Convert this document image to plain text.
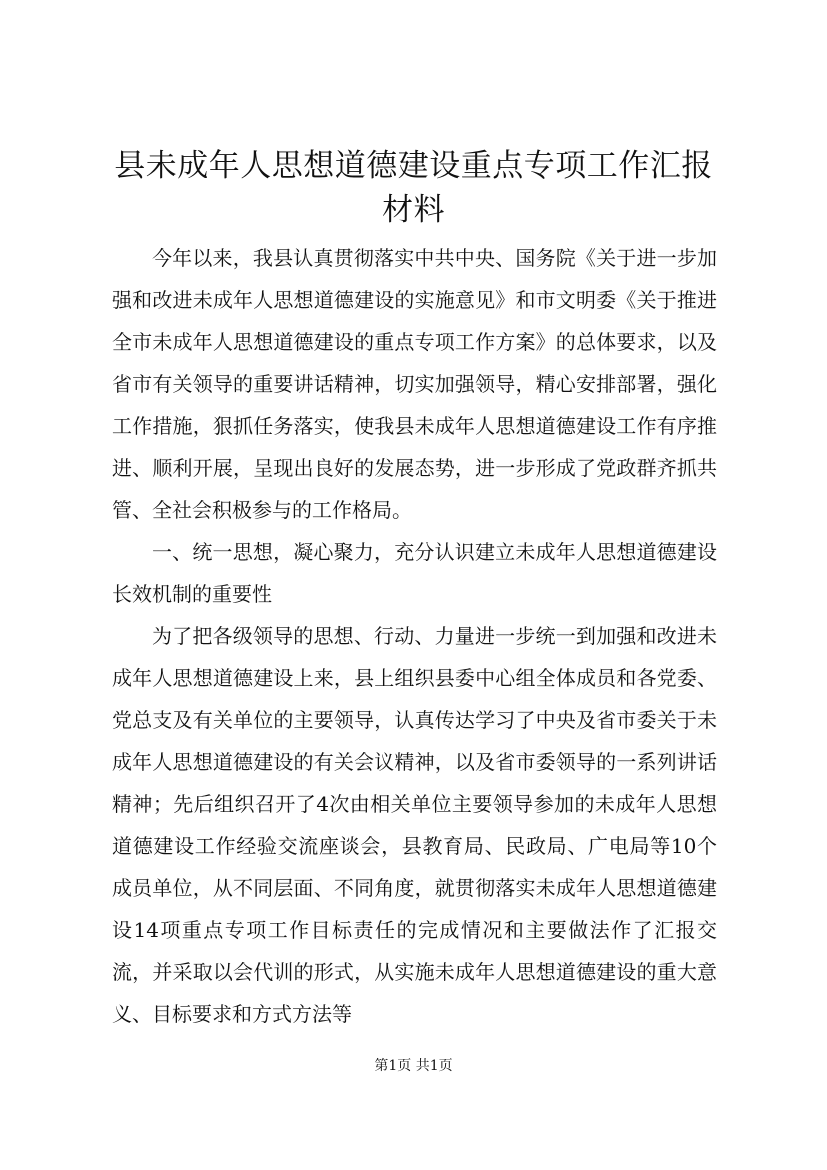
县未成年人思想道德建设重点专项工作汇报材料

今年以来，我县认真贯彻落实中共中央、国务院《关于进一步加强和改进未成年人思想道德建设的实施意见》和市文明委《关于推进全市未成年人思想道德建设的重点专项工作方案》的总体要求，以及省市有关领导的重要讲话精神，切实加强领导，精心安排部署，强化工作措施，狠抓任务落实，使我县未成年人思想道德建设工作有序推进、顺利开展，呈现出良好的发展态势，进一步形成了党政群齐抓共管、全社会积极参与的工作格局。

一、统一思想，凝心聚力，充分认识建立未成年人思想道德建设长效机制的重要性

为了把各级领导的思想、行动、力量进一步统一到加强和改进未成年人思想道德建设上来，县上组织县委中心组全体成员和各党委、党总支及有关单位的主要领导，认真传达学习了中央及省市委关于未成年人思想道德建设的有关会议精神，以及省市委领导的一系列讲话精神；先后组织召开了4次由相关单位主要领导参加的未成年人思想道德建设工作经验交流座谈会，县教育局、民政局、广电局等10个成员单位，从不同层面、不同角度，就贯彻落实未成年人思想道德建设14项重点专项工作目标责任的完成情况和主要做法作了汇报交流，并采取以会代训的形式，从实施未成年人思想道德建设的重大意义、目标要求和方式方法等

第1页 共1页
